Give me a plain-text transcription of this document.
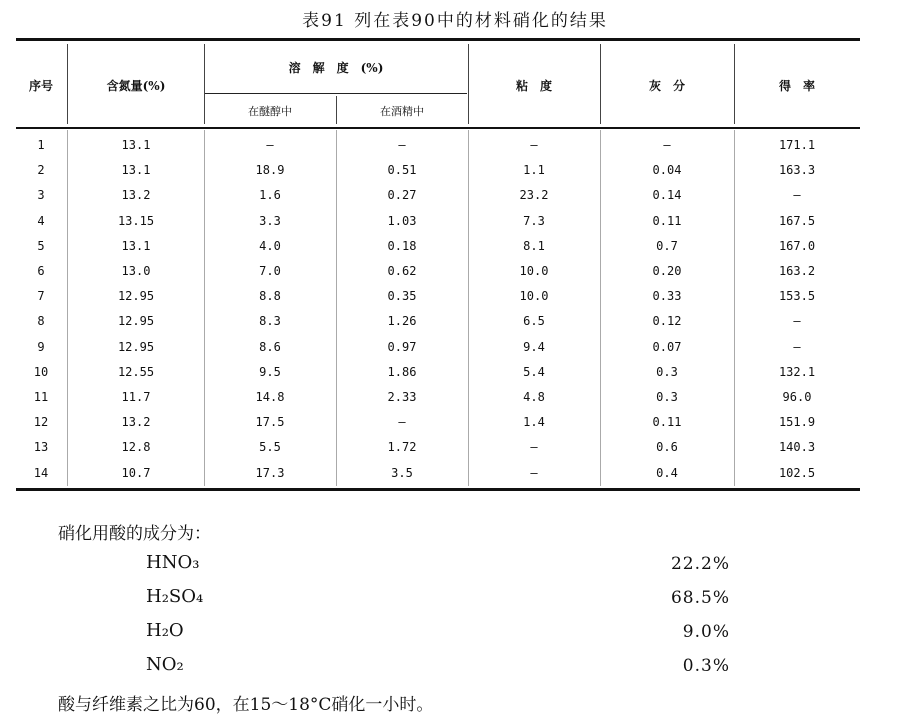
表91 列在表90中的材料硝化的结果
序号	含氮量(%)
溶　解　度　(%)
在醚醇中	在酒精中
粘　度	灰　分	得　率
1	13.1	—	—	—	—	171.1
2	13.1	18.9	0.51	1.1	0.04	163.3
3	13.2	1.6	0.27	23.2	0.14	—
4	13.15	3.3	1.03	7.3	0.11	167.5
5	13.1	4.0	0.18	8.1	0.7	167.0
6	13.0	7.0	0.62	10.0	0.20	163.2
7	12.95	8.8	0.35	10.0	0.33	153.5
8	12.95	8.3	1.26	6.5	0.12	—
9	12.95	8.6	0.97	9.4	0.07	—
10	12.55	9.5	1.86	5.4	0.3	132.1
11	11.7	14.8	2.33	4.8	0.3	96.0
12	13.2	17.5	—	1.4	0.11	151.9
13	12.8	5.5	1.72	—	0.6	140.3
14	10.7	17.3	3.5	—	0.4	102.5
硝化用酸的成分为：
HNO₃	22.2%
H₂SO₄	68.5%
H₂O	9.0%
NO₂	0.3%
酸与纤维素之比为60，在15～18°C硝化一小时。
